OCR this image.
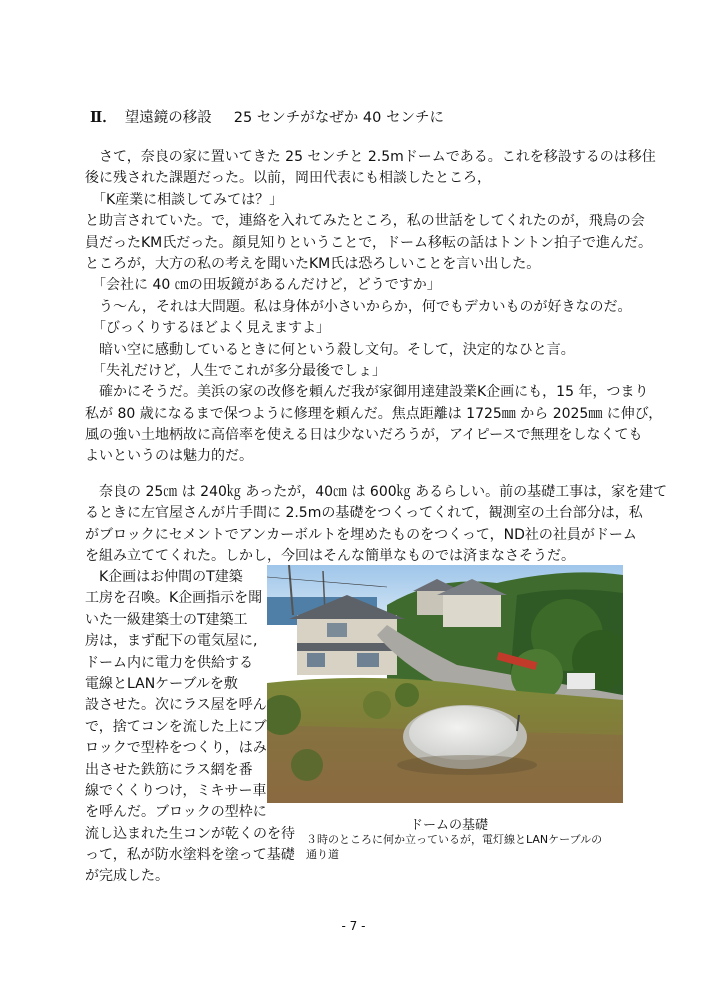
Ⅱ． 望遠鏡の移設 25 センチがなぜか 40 センチに
　さて，奈良の家に置いてきた 25 センチと 2.5mドームである。これを移設するのは移住
後に残された課題だった。以前，岡田代表にも相談したところ，
　「K産業に相談してみては？」
と助言されていた。で，連絡を入れてみたところ，私の世話をしてくれたのが，飛鳥の会
員だったKM氏だった。顔見知りということで，ドーム移転の話はトントン拍子で進んだ。
ところが，大方の私の考えを聞いたKM氏は恐ろしいことを言い出した。
　「会社に 40 ㎝の田坂鏡があるんだけど，どうですか」
　う～ん，それは大問題。私は身体が小さいからか，何でもデカいものが好きなのだ。
　「びっくりするほどよく見えますよ」
　暗い空に感動しているときに何という殺し文句。そして，決定的なひと言。
　「失礼だけど，人生でこれが多分最後でしょ」
　確かにそうだ。美浜の家の改修を頼んだ我が家御用達建設業K企画にも，15 年，つまり
私が 80 歳になるまで保つように修理を頼んだ。焦点距離は 1725㎜ から 2025㎜ に伸び，
風の強い土地柄故に高倍率を使える日は少ないだろうが，アイピースで無理をしなくても
よいというのは魅力的だ。
　奈良の 25㎝ は 240㎏ あったが，40㎝ は 600㎏ あるらしい。前の基礎工事は，家を建て
るときに左官屋さんが片手間に 2.5mの基礎をつくってくれて，観測室の土台部分は，私
がブロックにセメントでアンカーボルトを埋めたものをつくって，ND社の社員がドーム
を組み立ててくれた。しかし，今回はそんな簡単なものでは済まなさそうだ。
　K企画はお仲間のT建築
工房を召喚。K企画指示を聞
いた一級建築士のT建築工
房は，まず配下の電気屋に,
ドーム内に電力を供給する
電線とLANケーブルを敷
設させた。次にラス屋を呼ん
で，捨てコンを流した上にブ
ロックで型枠をつくり，はみ
出させた鉄筋にラス網を番
線でくくりつけ，ミキサー車
を呼んだ。ブロックの型枠に
流し込まれた生コンが乾くのを待
って，私が防水塗料を塗って基礎
が完成した。
ドームの基礎
３時のところに何か立っているが，電灯線とLANケーブルの通り道
- 7 -
